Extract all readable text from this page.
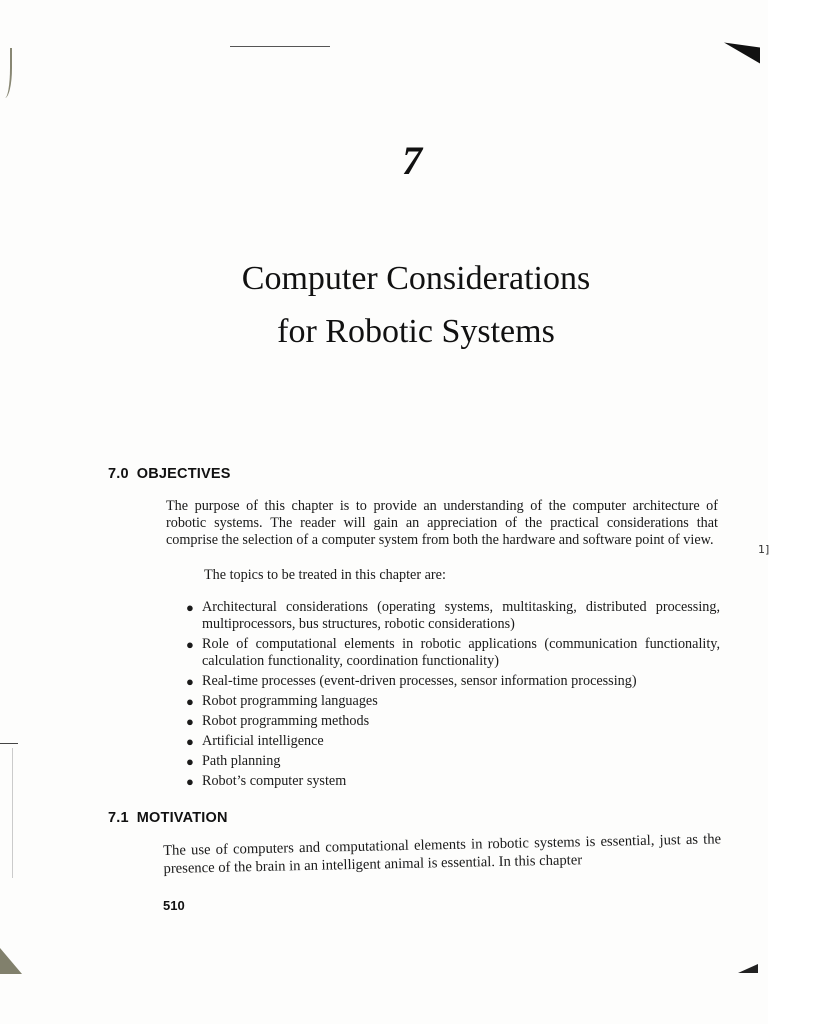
1]
7
Computer Considerations
for Robotic Systems
7.0 OBJECTIVES
The purpose of this chapter is to provide an understanding of the computer architecture of robotic systems. The reader will gain an appreciation of the practical considerations that comprise the selection of a computer system from both the hardware and software point of view.
The topics to be treated in this chapter are:
● Architectural considerations (operating systems, multitasking, distributed processing, multiprocessors, bus structures, robotic considerations)
● Role of computational elements in robotic applications (communication functionality, calculation functionality, coordination functionality)
● Real-time processes (event-driven processes, sensor information processing)
● Robot programming languages
● Robot programming methods
● Artificial intelligence
● Path planning
● Robot’s computer system
7.1 MOTIVATION
The use of computers and computational elements in robotic systems is essential, just as the presence of the brain in an intelligent animal is essential. In this chapter
510
